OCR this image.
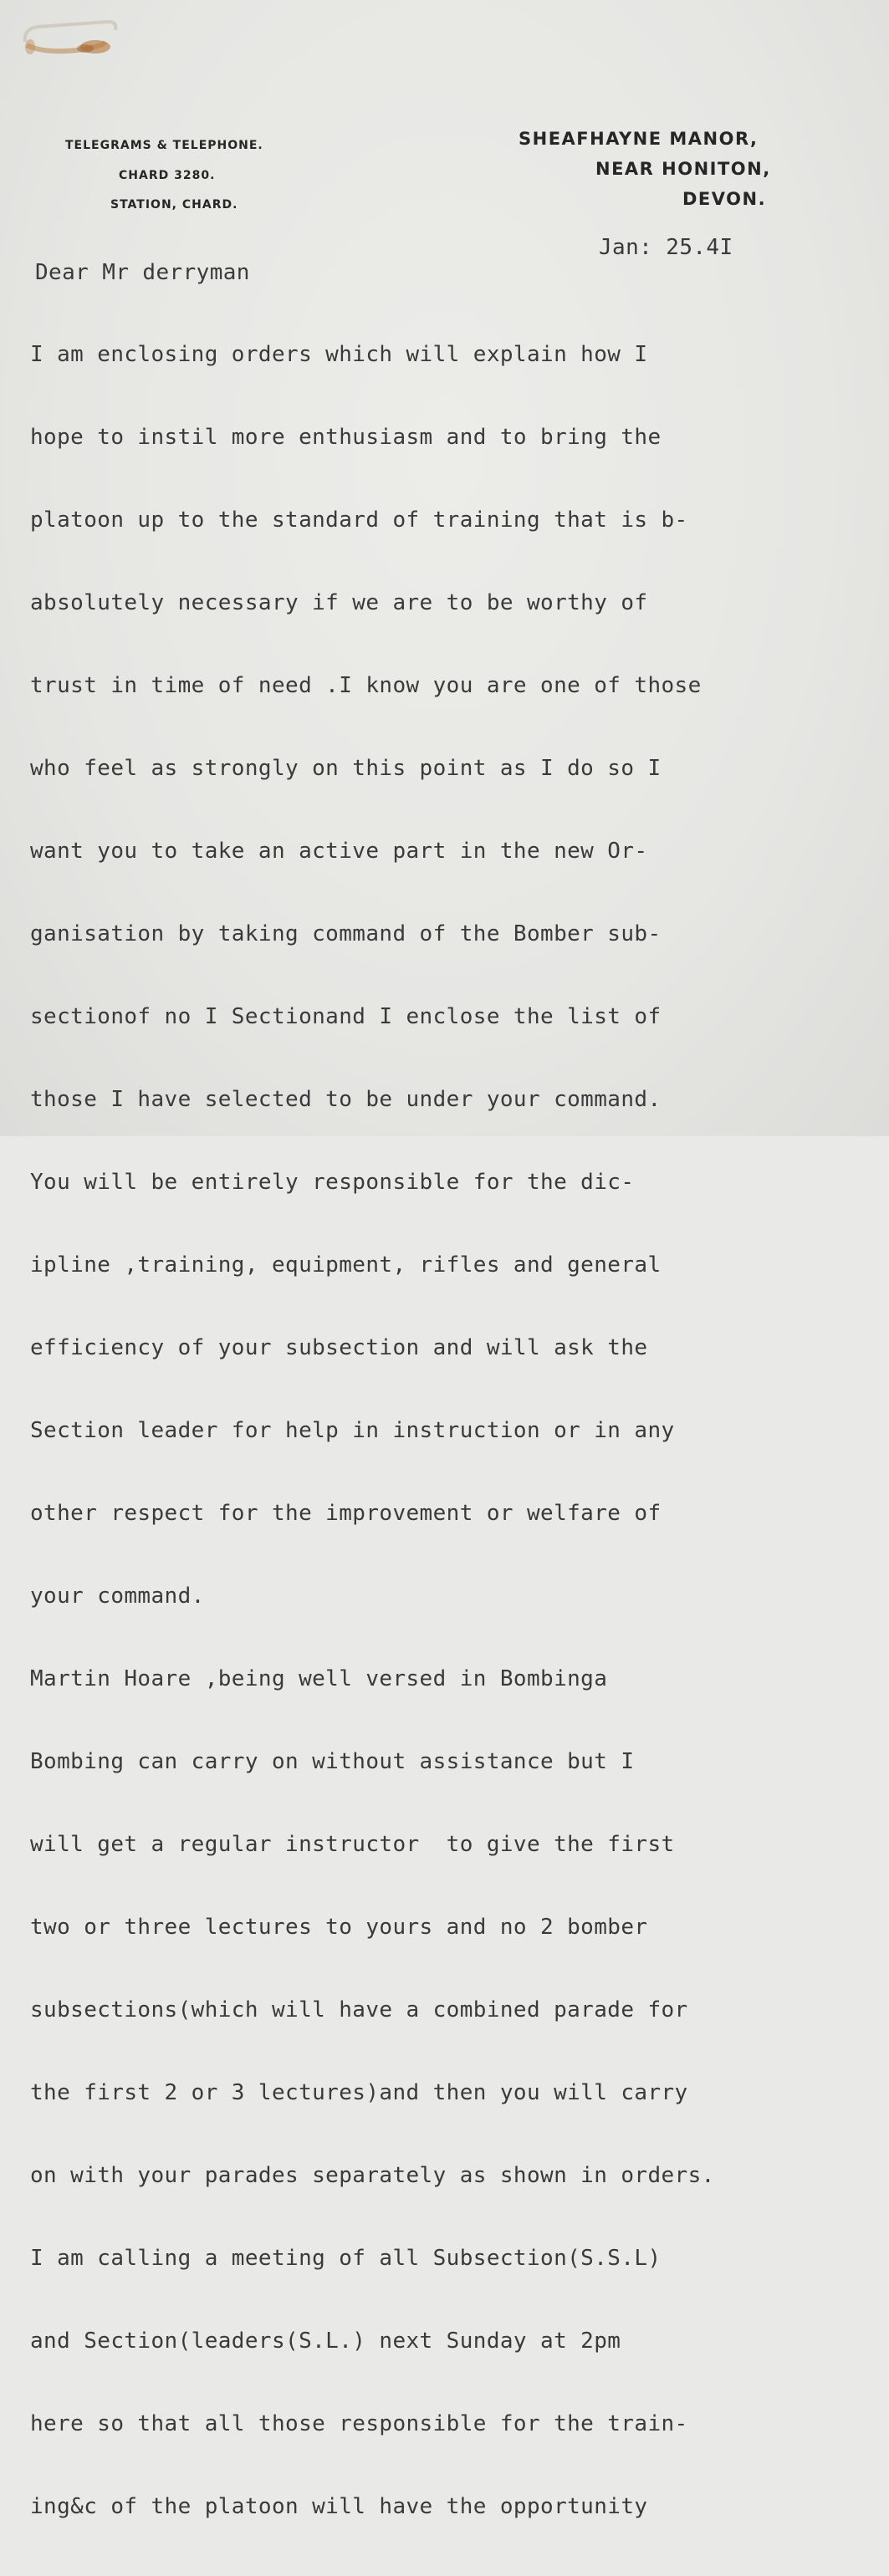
TELEGRAMS & TELEPHONE.
CHARD 3280.
STATION, CHARD.
SHEAFHAYNE MANOR,
NEAR HONITON,
DEVON.
Jan: 25.4I
Dear Mr derryman

I am enclosing orders which will explain how I

hope to instil more enthusiasm and to bring the

platoon up to the standard of training that is b-

absolutely necessary if we are to be worthy of

trust in time of need .I know you are one of those

who feel as strongly on this point as I do so I

want you to take an active part in the new Or-

ganisation by taking command of the Bomber sub-

sectionof no I Sectionand I enclose the list of

those I have selected to be under your command.

You will be entirely responsible for the dic-

ipline ,training, equipment, rifles and general

efficiency of your subsection and will ask the

Section leader for help in instruction or in any

other respect for the improvement or welfare of

your command.

Martin Hoare ,being well versed in Bombinga

Bombing can carry on without assistance but I

will get a regular instructor  to give the first

two or three lectures to yours and no 2 bomber

subsections(which will have a combined parade for

the first 2 or 3 lectures)and then you will carry

on with your parades separately as shown in orders.

I am calling a meeting of all Subsection(S.S.L)

and Section(leaders(S.L.) next Sunday at 2pm

here so that all those responsible for the train-

ing&c of the platoon will have the opportunity
